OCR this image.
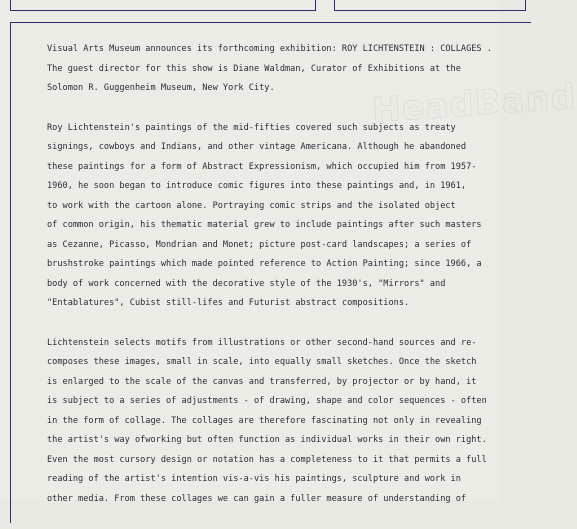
HeadBand
Visual Arts Museum announces its forthcoming exhibition: ROY LICHTENSTEIN : COLLAGES .
The guest director for this show is Diane Waldman, Curator of Exhibitions at the
Solomon R. Guggenheim Museum, New York City.
Roy Lichtenstein's paintings of the mid-fifties covered such subjects as treaty
signings, cowboys and Indians, and other vintage Americana. Although he abandoned
these paintings for a form of Abstract Expressionism, which occupied him from 1957-
1960, he soon began to introduce comic figures into these paintings and, in 1961,
to work with the cartoon alone. Portraying comic strips and the isolated object
of common origin, his thematic material grew to include paintings after such masters
as Cezanne, Picasso, Mondrian and Monet; picture post-card landscapes; a series of
brushstroke paintings which made pointed reference to Action Painting; since 1966, a
body of work concerned with the decorative style of the 1930's, "Mirrors" and
"Entablatures", Cubist still-lifes and Futurist abstract compositions.
Lichtenstein selects motifs from illustrations or other second-hand sources and re-
composes these images, small in scale, into equally small sketches. Once the sketch
is enlarged to the scale of the canvas and transferred, by projector or by hand, it
is subject to a series of adjustments - of drawing, shape and color sequences - often
in the form of collage. The collages are therefore fascinating not only in revealing
the artist's way ofworking but often function as individual works in their own right.
Even the most cursory design or notation has a completeness to it that permits a full
reading of the artist's intention vis-a-vis his paintings, sculpture and work in
other media. From these collages we can gain a fuller measure of understanding of
